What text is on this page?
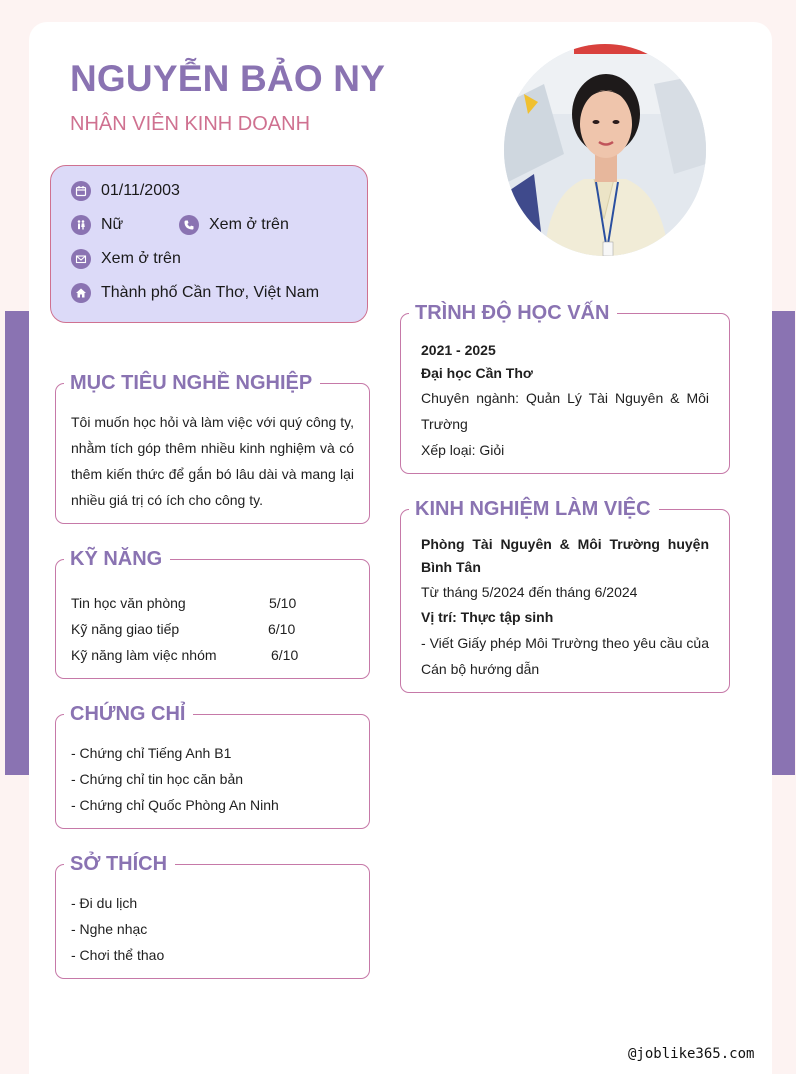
NGUYỄN BẢO NY
NHÂN VIÊN KINH DOANH
01/11/2003
Nữ	Xem ở trên
Xem ở trên
Thành phố Cần Thơ, Việt Nam
MỤC TIÊU NGHỀ NGHIỆP
Tôi muốn học hỏi và làm việc với quý công ty, nhằm tích góp thêm nhiều kinh nghiệm và có thêm kiến thức để gắn bó lâu dài và mang lại nhiều giá trị có ích cho công ty.
KỸ NĂNG
Tin học văn phòng	5/10
Kỹ năng giao tiếp	6/10
Kỹ năng làm việc nhóm	6/10
CHỨNG CHỈ
- Chứng chỉ Tiếng Anh B1
- Chứng chỉ tin học căn bản
- Chứng chỉ Quốc Phòng An Ninh
SỞ THÍCH
- Đi du lịch
- Nghe nhạc
- Chơi thể thao
TRÌNH ĐỘ HỌC VẤN
2021 - 2025
Đại học Cần Thơ
Chuyên ngành: Quản Lý Tài Nguyên & Môi Trường
Xếp loại: Giỏi
KINH NGHIỆM LÀM VIỆC
Phòng Tài Nguyên & Môi Trường huyện Bình Tân
Từ tháng 5/2024 đến tháng 6/2024
Vị trí: Thực tập sinh
- Viết Giấy phép Môi Trường theo yêu cầu của Cán bộ hướng dẫn
@joblike365.com
